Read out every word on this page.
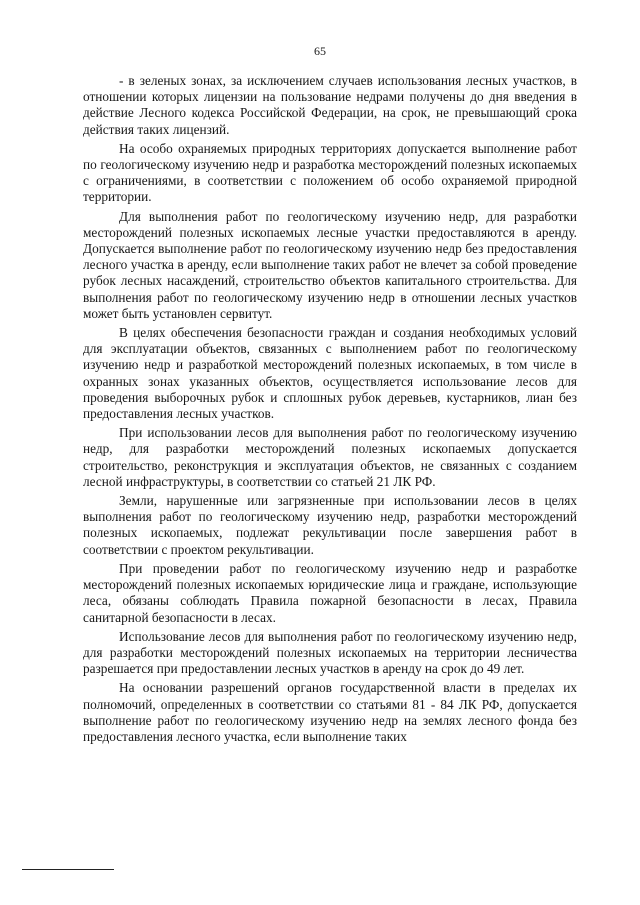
65

- в зеленых зонах, за исключением случаев использования лесных участков, в отношении которых лицензии на пользование недрами получены до дня введения в действие Лесного кодекса Российской Федерации, на срок, не превышающий срока действия таких лицензий.

На особо охраняемых природных территориях допускается выполнение работ по геологическому изучению недр и разработка месторождений полезных ископаемых с ограничениями, в соответствии с положением об особо охраняемой природной территории.

Для выполнения работ по геологическому изучению недр, для разработки месторождений полезных ископаемых лесные участки предоставляются в аренду. Допускается выполнение работ по геологическому изучению недр без предоставления лесного участка в аренду, если выполнение таких работ не влечет за собой проведение рубок лесных насаждений, строительство объектов капитального строительства. Для выполнения работ по геологическому изучению недр в отношении лесных участков может быть установлен сервитут.

В целях обеспечения безопасности граждан и создания необходимых условий для эксплуатации объектов, связанных с выполнением работ по геологическому изучению недр и разработкой месторождений полезных ископаемых, в том числе в охранных зонах указанных объектов, осуществляется использование лесов для проведения выборочных рубок и сплошных рубок деревьев, кустарников, лиан без предоставления лесных участков.

При использовании лесов для выполнения работ по геологическому изучению недр, для разработки месторождений полезных ископаемых допускается строительство, реконструкция и эксплуатация объектов, не связанных с созданием лесной инфраструктуры, в соответствии со статьей 21 ЛК РФ.

Земли, нарушенные или загрязненные при использовании лесов в целях выполнения работ по геологическому изучению недр, разработки месторождений полезных ископаемых, подлежат рекультивации после завершения работ в соответствии с проектом рекультивации.

При проведении работ по геологическому изучению недр и разработке месторождений полезных ископаемых юридические лица и граждане, использующие леса, обязаны соблюдать Правила пожарной безопасности в лесах, Правила санитарной безопасности в лесах.

Использование лесов для выполнения работ по геологическому изучению недр, для разработки месторождений полезных ископаемых на территории лесничества разрешается при предоставлении лесных участков в аренду на срок до 49 лет.

На основании разрешений органов государственной власти в пределах их полномочий, определенных в соответствии со статьями 81 - 84 ЛК РФ, допускается выполнение работ по геологическому изучению недр на землях лесного фонда без предоставления лесного участка, если выполнение таких
